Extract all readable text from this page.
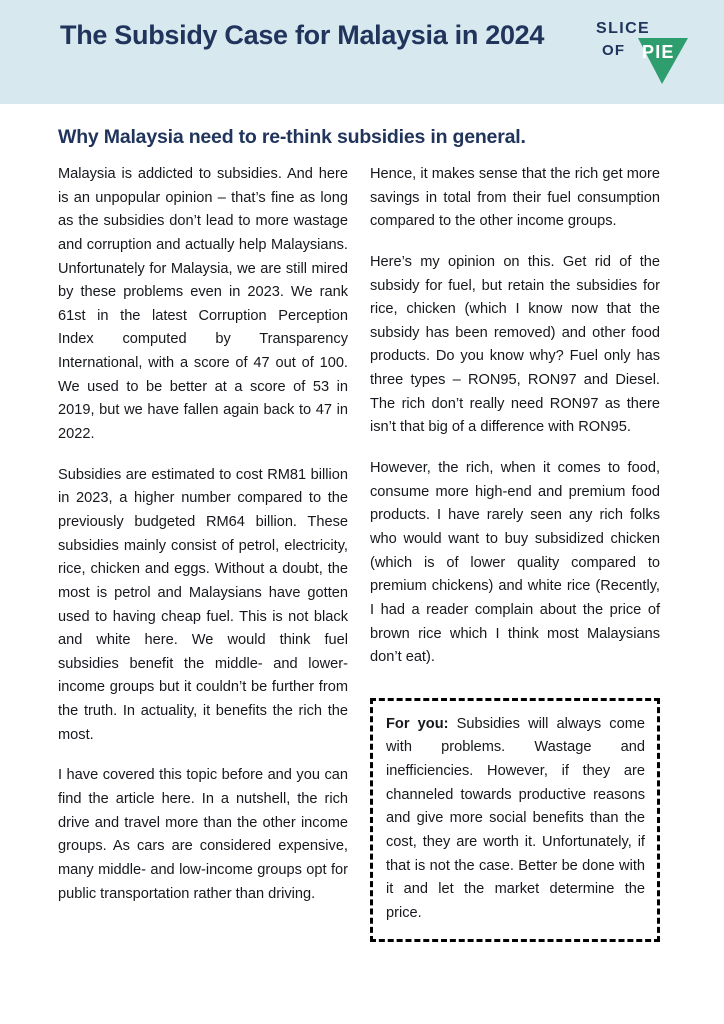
The Subsidy Case for Malaysia in 2024	SLICE
OF PIE
Why Malaysia need to re-think subsidies in general.

Malaysia is addicted to subsidies. And here is an unpopular opinion – that’s fine as long as the subsidies don’t lead to more wastage and corruption and actually help Malaysians. Unfortunately for Malaysia, we are still mired by these problems even in 2023. We rank 61st in the latest Corruption Perception Index computed by Transparency International, with a score of 47 out of 100. We used to be better at a score of 53 in 2019, but we have fallen again back to 47 in 2022.

Subsidies are estimated to cost RM81 billion in 2023, a higher number compared to the previously budgeted RM64 billion. These subsidies mainly consist of petrol, electricity, rice, chicken and eggs. Without a doubt, the most is petrol and Malaysians have gotten used to having cheap fuel. This is not black and white here. We would think fuel subsidies benefit the middle- and lower-income groups but it couldn’t be further from the truth. In actuality, it benefits the rich the most.

I have covered this topic before and you can find the article here. In a nutshell, the rich drive and travel more than the other income groups. As cars are considered expensive, many middle- and low-income groups opt for public transportation rather than driving.

Hence, it makes sense that the rich get more savings in total from their fuel consumption compared to the other income groups.

Here’s my opinion on this. Get rid of the subsidy for fuel, but retain the subsidies for rice, chicken (which I know now that the subsidy has been removed) and other food products. Do you know why? Fuel only has three types – RON95, RON97 and Diesel. The rich don’t really need RON97 as there isn’t that big of a difference with RON95.

However, the rich, when it comes to food, consume more high-end and premium food products. I have rarely seen any rich folks who would want to buy subsidized chicken (which is of lower quality compared to premium chickens) and white rice (Recently, I had a reader complain about the price of brown rice which I think most Malaysians don’t eat).

For you: Subsidies will always come with problems. Wastage and inefficiencies. However, if they are channeled towards productive reasons and give more social benefits than the cost, they are worth it. Unfortunately, if that is not the case. Better be done with it and let the market determine the price.
